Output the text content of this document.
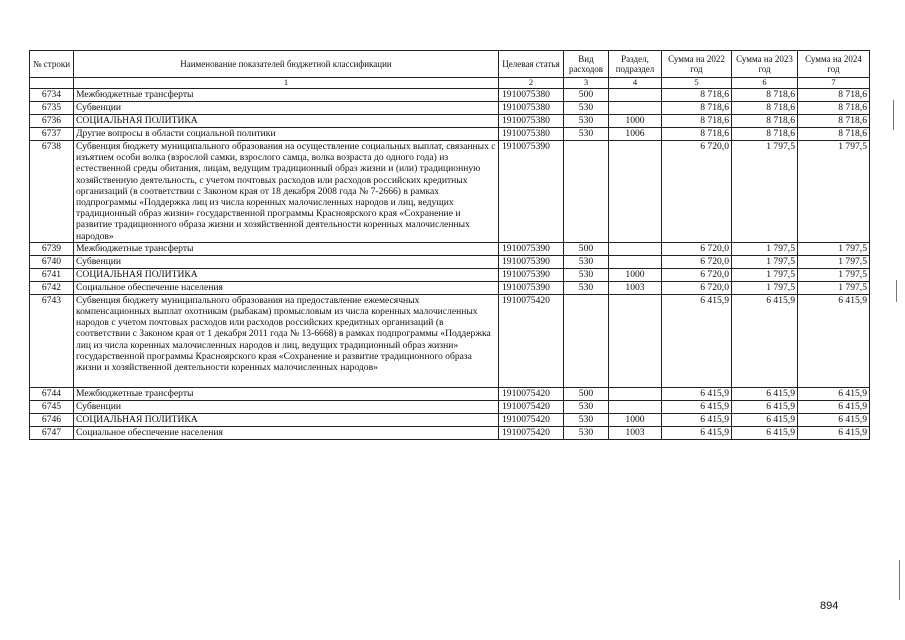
№ строки	Наименование показателей бюджетной классификации	Целевая статья	Вид расходов	Раздел, подраздел	Сумма на 2022 год	Сумма на 2023 год	Сумма на 2024 год
	1	2	3	4	5	6	7
6734	Межбюджетные трансферты	1910075380	500		8 718,6	8 718,6	8 718,6
6735	Субвенции	1910075380	530		8 718,6	8 718,6	8 718,6
6736	СОЦИАЛЬНАЯ ПОЛИТИКА	1910075380	530	1000	8 718,6	8 718,6	8 718,6
6737	Другие вопросы в области социальной политики	1910075380	530	1006	8 718,6	8 718,6	8 718,6
6738	Субвенция бюджету муниципального образования на осуществление социальных выплат, связанных с изъятием особи волка (взрослой самки, взрослого самца, волка возраста до одного года) из естественной среды обитания, лицам, ведущим традиционный образ жизни и (или) традиционную хозяйственную деятельность, с учетом почтовых расходов или расходов российских кредитных организаций (в соответствии с Законом края от 18 декабря 2008 года № 7-2666) в рамках подпрограммы «Поддержка лиц из числа коренных малочисленных народов и лиц, ведущих традиционный образ жизни» государственной программы Красноярского края «Сохранение и развитие традиционного образа жизни и хозяйственной деятельности коренных малочисленных народов»	1910075390			6 720,0	1 797,5	1 797,5
6739	Межбюджетные трансферты	1910075390	500		6 720,0	1 797,5	1 797,5
6740	Субвенции	1910075390	530		6 720,0	1 797,5	1 797,5
6741	СОЦИАЛЬНАЯ ПОЛИТИКА	1910075390	530	1000	6 720,0	1 797,5	1 797,5
6742	Социальное обеспечение населения	1910075390	530	1003	6 720,0	1 797,5	1 797,5
6743	Субвенция бюджету муниципального образования на предоставление ежемесячных компенсационных выплат охотникам (рыбакам) промысловым из числа коренных малочисленных народов с учетом почтовых расходов или расходов российских кредитных организаций (в соответствии с Законом края от 1 декабря 2011 года № 13-6668) в рамках подпрограммы «Поддержка лиц из числа коренных малочисленных народов и лиц, ведущих традиционный образ жизни» государственной программы Красноярского края «Сохранение и развитие традиционного образа жизни и хозяйственной деятельности коренных малочисленных народов»	1910075420			6 415,9	6 415,9	6 415,9
6744	Межбюджетные трансферты	1910075420	500		6 415,9	6 415,9	6 415,9
6745	Субвенции	1910075420	530		6 415,9	6 415,9	6 415,9
6746	СОЦИАЛЬНАЯ ПОЛИТИКА	1910075420	530	1000	6 415,9	6 415,9	6 415,9
6747	Социальное обеспечение населения	1910075420	530	1003	6 415,9	6 415,9	6 415,9
894
